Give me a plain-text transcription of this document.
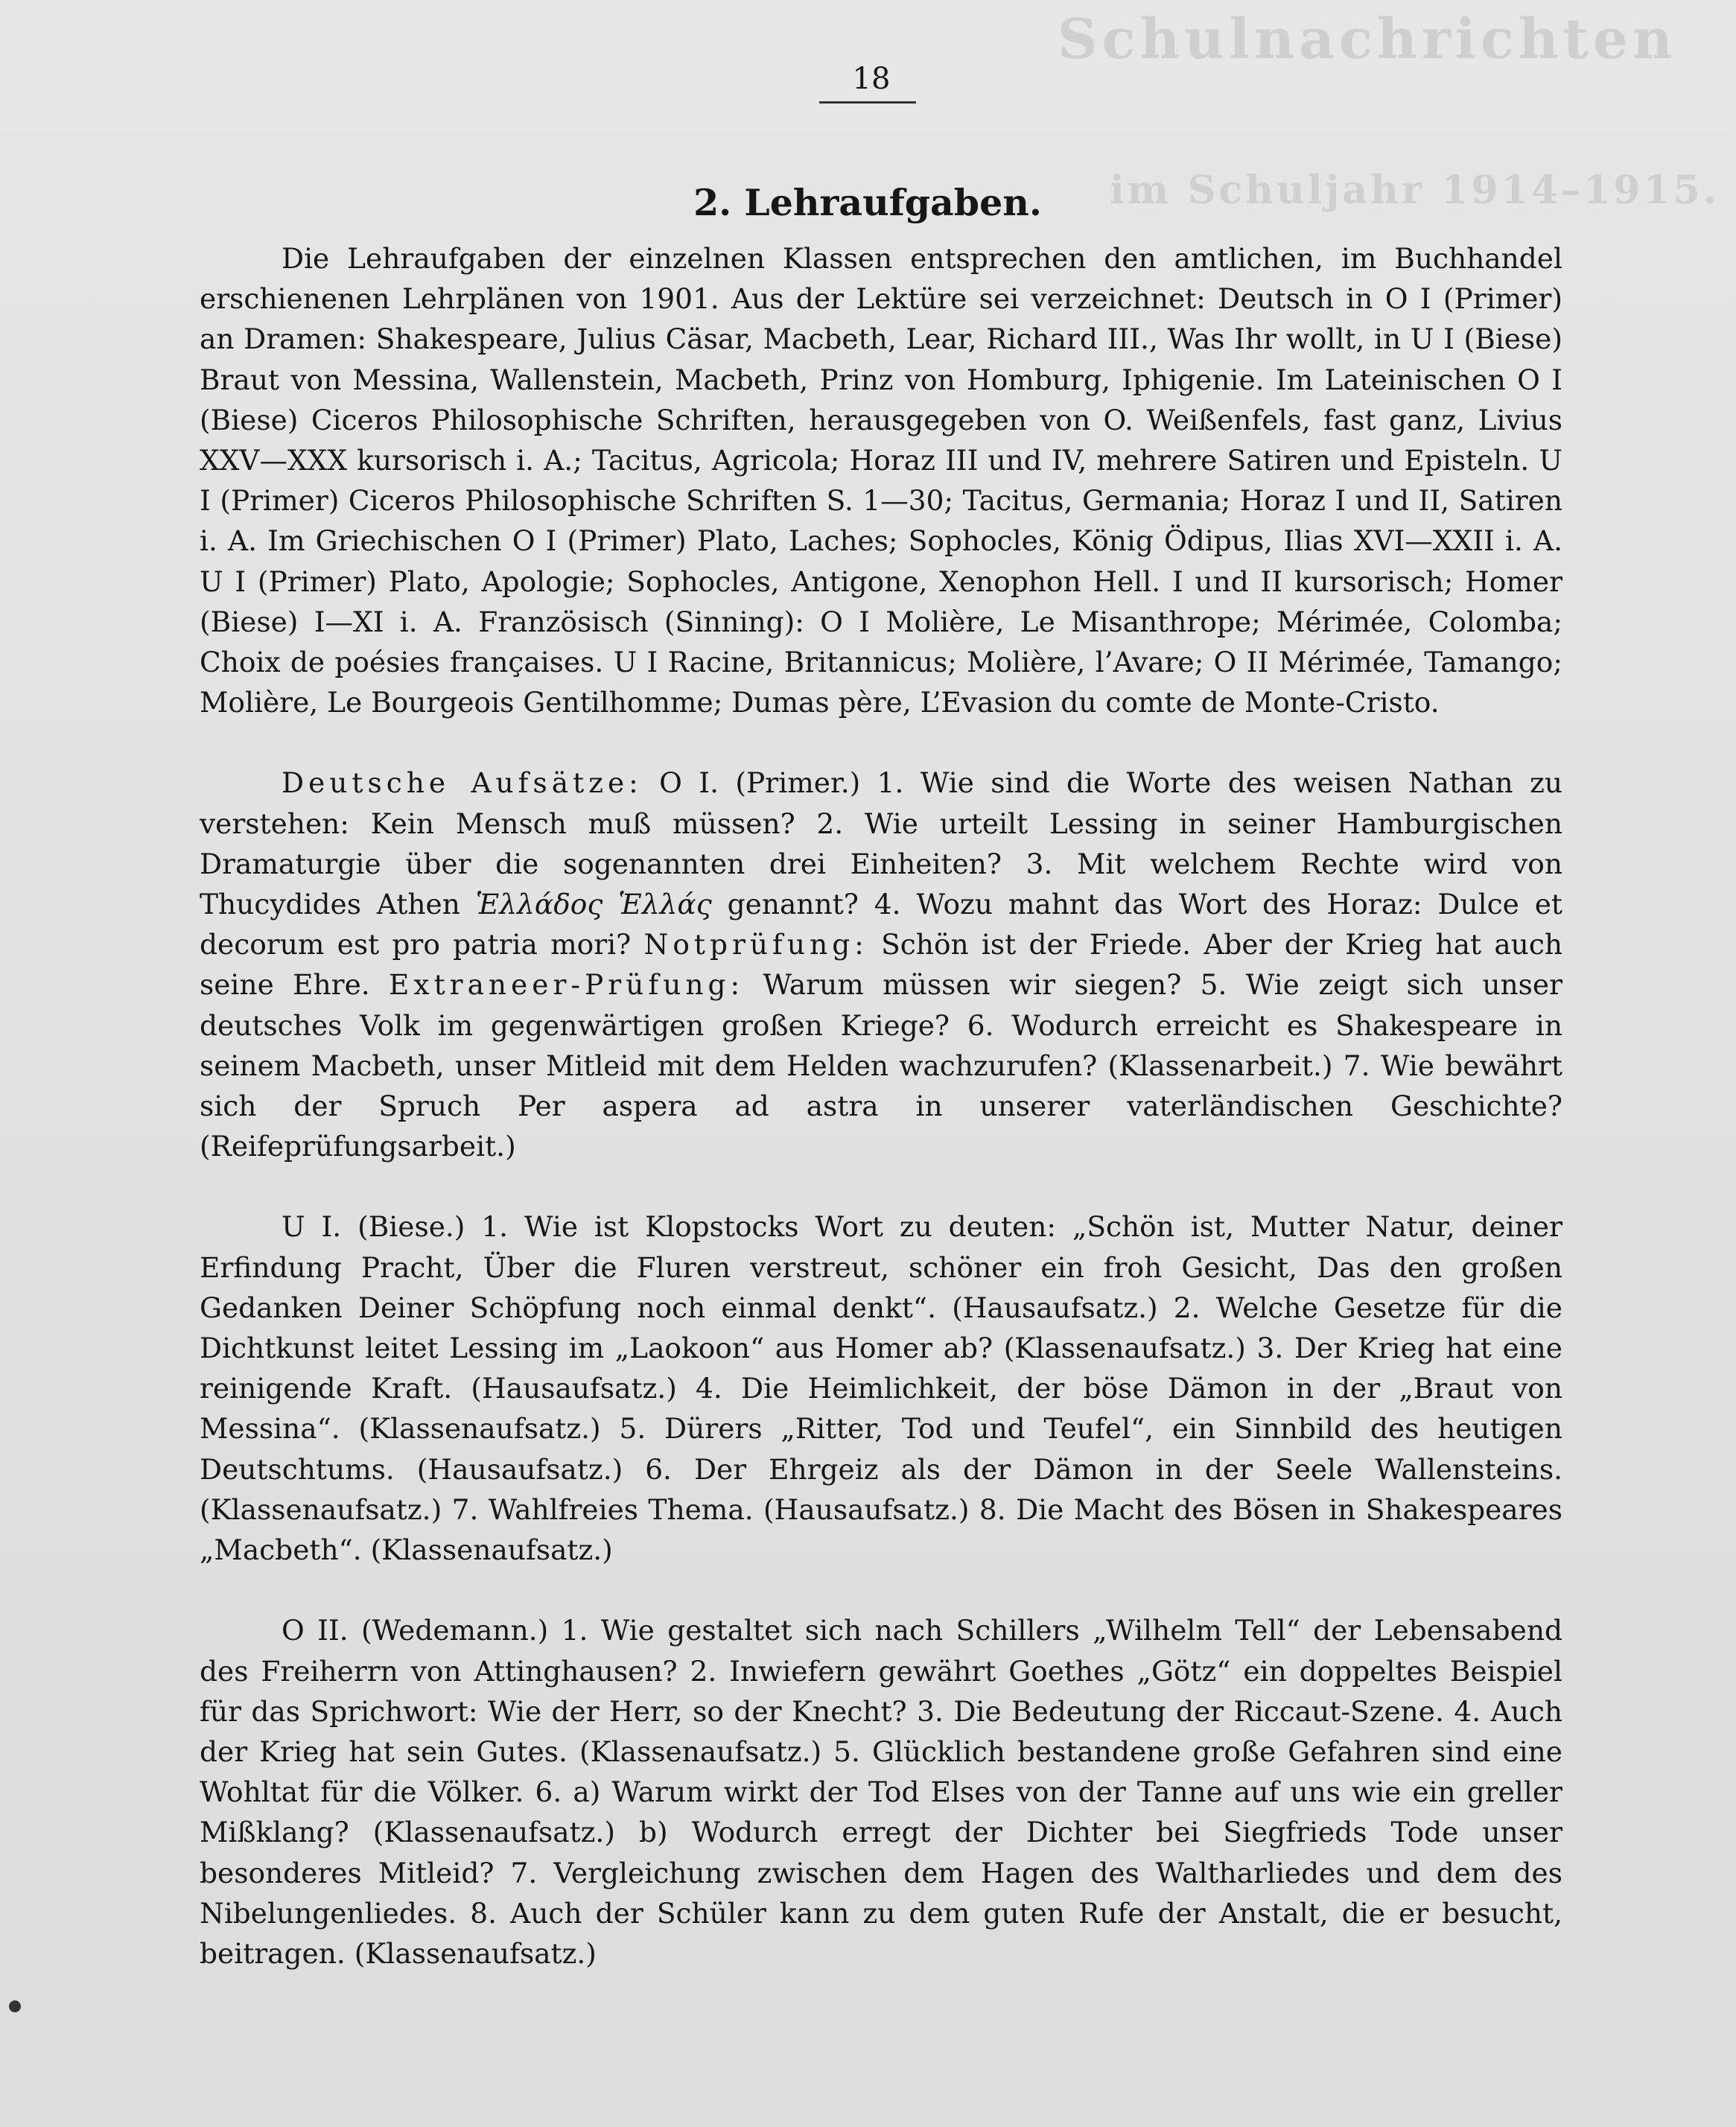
Schulnachrichten
im Schuljahr 1914–1915.
18
2. Lehraufgaben.

Die Lehraufgaben der einzelnen Klassen entsprechen den amtlichen, im Buchhandel erschienenen Lehrplänen von 1901. Aus der Lektüre sei verzeichnet: Deutsch in O I (Primer) an Dramen: Shakespeare, Julius Cäsar, Macbeth, Lear, Richard III., Was Ihr wollt, in U I (Biese) Braut von Messina, Wallenstein, Macbeth, Prinz von Homburg, Iphigenie. Im Lateinischen O I (Biese) Ciceros Philosophische Schriften, herausgegeben von O. Weißenfels, fast ganz, Livius XXV—XXX kursorisch i. A.; Tacitus, Agricola; Horaz III und IV, mehrere Satiren und Episteln. U I (Primer) Ciceros Philosophische Schriften S. 1—30; Tacitus, Germania; Horaz I und II, Satiren i. A. Im Griechischen O I (Primer) Plato, Laches; Sophocles, König Ödipus, Ilias XVI—XXII i. A. U I (Primer) Plato, Apologie; Sophocles, Antigone, Xenophon Hell. I und II kursorisch; Homer (Biese) I—XI i. A. Französisch (Sinning): O I Molière, Le Misanthrope; Mérimée, Colomba; Choix de poésies françaises. U I Racine, Britannicus; Molière, l’Avare; O II Mérimée, Tamango; Molière, Le Bourgeois Gentilhomme; Dumas père, L’Evasion du comte de Monte-Cristo.

Deutsche Aufsätze: O I. (Primer.) 1. Wie sind die Worte des weisen Nathan zu verstehen: Kein Mensch muß müssen? 2. Wie urteilt Lessing in seiner Hamburgischen Dramaturgie über die sogenannten drei Einheiten? 3. Mit welchem Rechte wird von Thucydides Athen Ἑλλάδος Ἑλλάς genannt? 4. Wozu mahnt das Wort des Horaz: Dulce et decorum est pro patria mori? Notprüfung: Schön ist der Friede. Aber der Krieg hat auch seine Ehre. Extraneer-Prüfung: Warum müssen wir siegen? 5. Wie zeigt sich unser deutsches Volk im gegenwärtigen großen Kriege? 6. Wodurch erreicht es Shakespeare in seinem Macbeth, unser Mitleid mit dem Helden wachzurufen? (Klassenarbeit.) 7. Wie bewährt sich der Spruch Per aspera ad astra in unserer vaterländischen Geschichte? (Reifeprüfungsarbeit.)

U I. (Biese.) 1. Wie ist Klopstocks Wort zu deuten: „Schön ist, Mutter Natur, deiner Erfindung Pracht, Über die Fluren verstreut, schöner ein froh Gesicht, Das den großen Gedanken Deiner Schöpfung noch einmal denkt“. (Hausaufsatz.) 2. Welche Gesetze für die Dichtkunst leitet Lessing im „Laokoon“ aus Homer ab? (Klassenaufsatz.) 3. Der Krieg hat eine reinigende Kraft. (Hausaufsatz.) 4. Die Heimlichkeit, der böse Dämon in der „Braut von Messina“. (Klassenaufsatz.) 5. Dürers „Ritter, Tod und Teufel“, ein Sinnbild des heutigen Deutschtums. (Hausaufsatz.) 6. Der Ehrgeiz als der Dämon in der Seele Wallensteins. (Klassenaufsatz.) 7. Wahlfreies Thema. (Hausaufsatz.) 8. Die Macht des Bösen in Shakespeares „Macbeth“. (Klassenaufsatz.)

O II. (Wedemann.) 1. Wie gestaltet sich nach Schillers „Wilhelm Tell“ der Lebensabend des Freiherrn von Attinghausen? 2. Inwiefern gewährt Goethes „Götz“ ein doppeltes Beispiel für das Sprichwort: Wie der Herr, so der Knecht? 3. Die Bedeutung der Riccaut-Szene. 4. Auch der Krieg hat sein Gutes. (Klassenaufsatz.) 5. Glücklich bestandene große Gefahren sind eine Wohltat für die Völker. 6. a) Warum wirkt der Tod Elses von der Tanne auf uns wie ein greller Mißklang? (Klassenaufsatz.) b) Wodurch erregt der Dichter bei Siegfrieds Tode unser besonderes Mitleid? 7. Vergleichung zwischen dem Hagen des Waltharliedes und dem des Nibelungenliedes. 8. Auch der Schüler kann zu dem guten Rufe der Anstalt, die er besucht, beitragen. (Klassenaufsatz.)
